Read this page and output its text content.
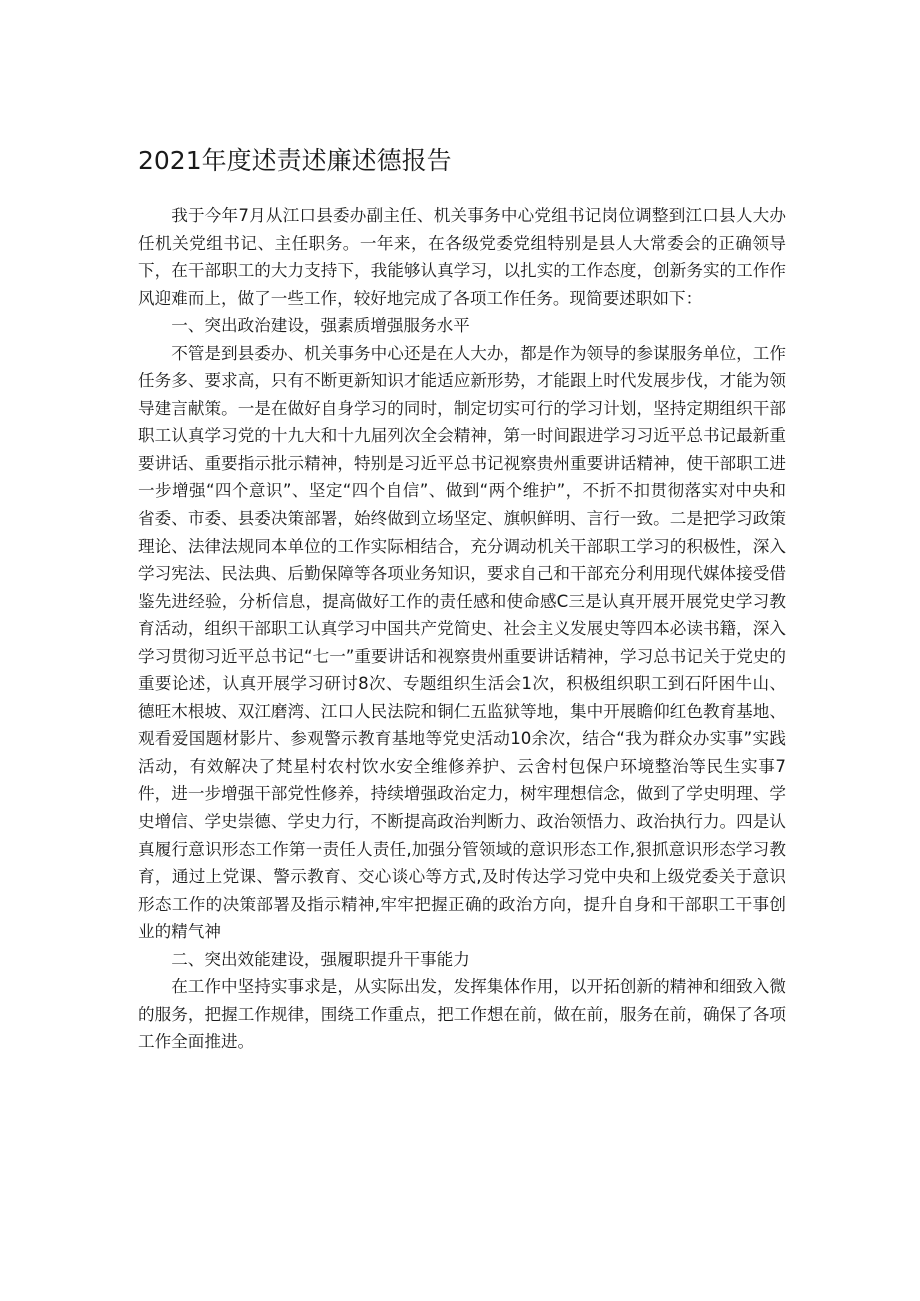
2021年度述责述廉述德报告

我于今年7月从江口县委办副主任、机关事务中心党组书记岗位调整到江口县人大办任机关党组书记、主任职务。一年来，在各级党委党组特别是县人大常委会的正确领导下，在干部职工的大力支持下，我能够认真学习，以扎实的工作态度，创新务实的工作作风迎难而上，做了一些工作，较好地完成了各项工作任务。现简要述职如下：

一、突出政治建设，强素质增强服务水平

不管是到县委办、机关事务中心还是在人大办，都是作为领导的参谋服务单位，工作任务多、要求高，只有不断更新知识才能适应新形势，才能跟上时代发展步伐，才能为领导建言献策。一是在做好自身学习的同时，制定切实可行的学习计划，坚持定期组织干部职工认真学习党的十九大和十九届列次全会精神，第一时间跟进学习习近平总书记最新重要讲话、重要指示批示精神，特别是习近平总书记视察贵州重要讲话精神，使干部职工进一步增强“四个意识”、坚定“四个自信”、做到“两个维护”，不折不扣贯彻落实对中央和省委、市委、县委决策部署，始终做到立场坚定、旗帜鲜明、言行一致。二是把学习政策理论、法律法规同本单位的工作实际相结合，充分调动机关干部职工学习的积极性，深入学习宪法、民法典、后勤保障等各项业务知识，要求自己和干部充分利用现代媒体接受借鉴先进经验，分析信息，提高做好工作的责任感和使命感C三是认真开展开展党史学习教育活动，组织干部职工认真学习中国共产党简史、社会主义发展史等四本必读书籍，深入学习贯彻习近平总书记“七一”重要讲话和视察贵州重要讲话精神，学习总书记关于党史的重要论述，认真开展学习研讨8次、专题组织生活会1次，积极组织职工到石阡困牛山、德旺木根坡、双江磨湾、江口人民法院和铜仁五监狱等地，集中开展瞻仰红色教育基地、观看爱国题材影片、参观警示教育基地等党史活动10余次，结合“我为群众办实事”实践活动，有效解决了梵星村农村饮水安全维修养护、云舍村包保户环境整治等民生实事7件，进一步增强干部党性修养，持续增强政治定力，树牢理想信念，做到了学史明理、学史增信、学史崇德、学史力行，不断提高政治判断力、政治领悟力、政治执行力。四是认真履行意识形态工作第一责任人责任,加强分管领域的意识形态工作,狠抓意识形态学习教育，通过上党课、警示教育、交心谈心等方式,及时传达学习党中央和上级党委关于意识形态工作的决策部署及指示精神,牢牢把握正确的政治方向，提升自身和干部职工干事创业的精气神

二、突出效能建设，强履职提升干事能力

在工作中坚持实事求是，从实际出发，发挥集体作用，以开拓创新的精神和细致入微的服务，把握工作规律，围绕工作重点，把工作想在前，做在前，服务在前，确保了各项工作全面推进。
